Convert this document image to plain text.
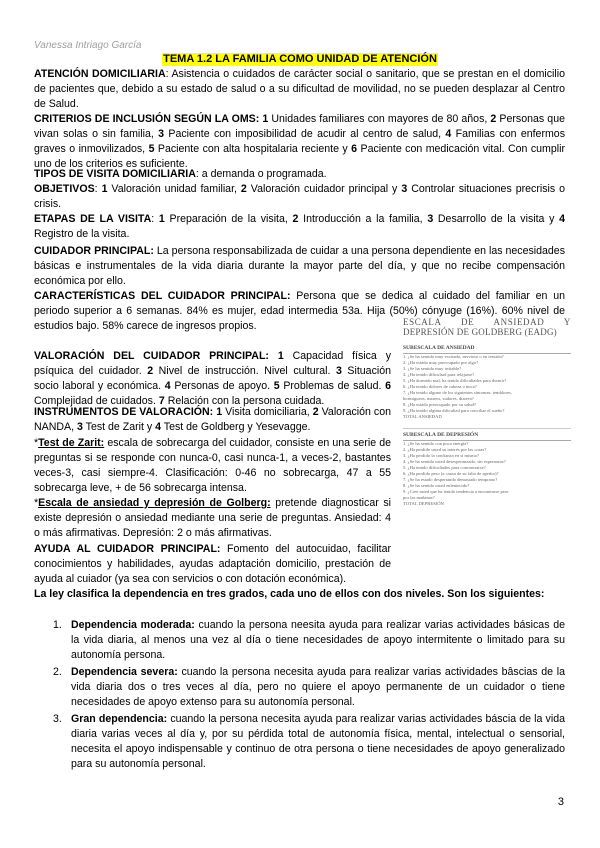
Vanessa Intriago García
TEMA 1.2 LA FAMILIA COMO UNIDAD DE ATENCIÓN

ATENCIÓN DOMICILIARIA: Asistencia o cuidados de carácter social o sanitario, que se prestan en el domicilio de pacientes que, debido a su estado de salud o a su dificultad de movilidad, no se pueden desplazar al Centro de Salud.

CRITERIOS DE INCLUSIÓN SEGÚN LA OMS: 1 Unidades familiares con mayores de 80 años, 2 Personas que vivan solas o sin familia, 3 Paciente con imposibilidad de acudir al centro de salud, 4 Familias con enfermos graves o inmovilizados, 5 Paciente con alta hospitalaria reciente y 6 Paciente con medicación vital. Con cumplir uno de los criterios es suficiente.

TIPOS DE VISITA DOMICILIARIA: a demanda o programada.

OBJETIVOS: 1 Valoración unidad familiar, 2 Valoración cuidador principal y 3 Controlar situaciones precrisis o crisis.

ETAPAS DE LA VISITA: 1 Preparación de la visita, 2 Introducción a la familia, 3 Desarrollo de la visita y 4 Registro de la visita.

CUIDADOR PRINCIPAL: La persona responsabilizada de cuidar a una persona dependiente en las necesidades básicas e instrumentales de la vida diaria durante la mayor parte del día, y que no recibe compensación económica por ello.

CARACTERÍSTICAS DEL CUIDADOR PRINCIPAL: Persona que se dedica al cuidado del familiar en un periodo superior a 6 semanas. 84% es mujer, edad intermedia 53a. Hija (50%) cónyuge (16%). 60% nivel de estudios bajo. 58% carece de ingresos propios.

VALORACIÓN DEL CUIDADOR PRINCIPAL: 1 Capacidad física y psíquica del cuidador. 2 Nivel de instrucción. Nivel cultural. 3 Situación socio laboral y económica. 4 Personas de apoyo. 5 Problemas de salud. 6 Complejidad de cuidados. 7 Relación con la persona cuidada.

INSTRUMENTOS DE VALORACIÓN: 1 Visita domiciliaria, 2 Valoración con NANDA, 3 Test de Zarit y 4 Test de Goldberg y Yesevagge.

*Test de Zarit: escala de sobrecarga del cuidador, consiste en una serie de preguntas si se responde con nunca-0, casi nunca-1, a veces-2, bastantes veces-3, casi siempre-4. Clasificación: 0-46 no sobrecarga, 47 a 55 sobrecarga leve, + de 56 sobrecarga intensa.

*Escala de ansiedad y depresión de Golberg: pretende diagnosticar si existe depresión o ansiedad mediante una serie de preguntas. Ansiedad: 4 o más afirmativas. Depresión: 2 o más afirmativas.

AYUDA AL CUIDADOR PRINCIPAL: Fomento del autocuidao, facilitar conocimientos y habilidades, ayudas adaptación domicilio, prestación de ayuda al cuiador (ya sea con servicios o con dotación económica).

La ley clasifica la dependencia en tres grados, cada uno de ellos con dos niveles. Son los siguientes:

1. Dependencia moderada: cuando la persona neesita ayuda para realizar varias actividades básicas de la vida diaria, al menos una vez al día o tiene necesidades de apoyo intermitente o limitado para su autonomía persona.
2. Dependencia severa: cuando la persona necesita ayuda para realizar varias actividades bâscias de la vida diaria dos o tres veces al día, pero no quiere el apoyo permanente de un cuidador o tiene necesidades de apoyo extenso para su autonomía personal.
3. Gran dependencia: cuando la persona necesita ayuda para realizar varias actividades báscia de la vida diaria varias veces al día y, por su pérdida total de autonomía física, mental, intelectual o sensorial, necesita el apoyo indispensable y continuo de otra persona o tiene necesidades de apoyo generalizado para su autonomía personal.
ESCALA DE ANSIEDAD Y
DEPRESIÓN DE GOLDBERG (EADG)
SUBESCALA DE ANSIEDAD
1. ¿Se ha sentido muy excitado, nervioso o en tensión?
2. ¿Ha estado muy preocupado por algo?
3. ¿Se ha sentido muy irritable?
4. ¿Ha tenido dificultad para relajarse?
5. ¿Ha dormido mal, ha tenido dificultades para dormir?
6. ¿Ha tenido dolores de cabeza o nuca?
7. ¿Ha tenido alguno de los siguientes síntomas: temblores,
hormigueos, mareos, sudores, diarrea?
8. ¿Ha estado preocupado por su salud?
9. ¿Ha tenido alguna dificultad para conciliar el sueño?
TOTAL ANSIEDAD
SUBESCALA DE DEPRESIÓN
1. ¿Se ha sentido con poca energía?
2. ¿Ha perdido usted su interés por las cosas?
3. ¿Ha perdido la confianza en sí mismo?
4. ¿Se ha sentido usted desesperanzado, sin esperanzas?
5. ¿Ha tenido dificultades para concentrarse?
6. ¿Ha perdido peso (a causa de su falta de apetito)?
7. ¿Se ha estado despertando demasiado temprano?
8. ¿Se ha sentido usted enlentecido?
9. ¿Cree usted que ha tenido tendencia a encontrarse peor
por las mañanas?
TOTAL DEPRESIÓN
3
